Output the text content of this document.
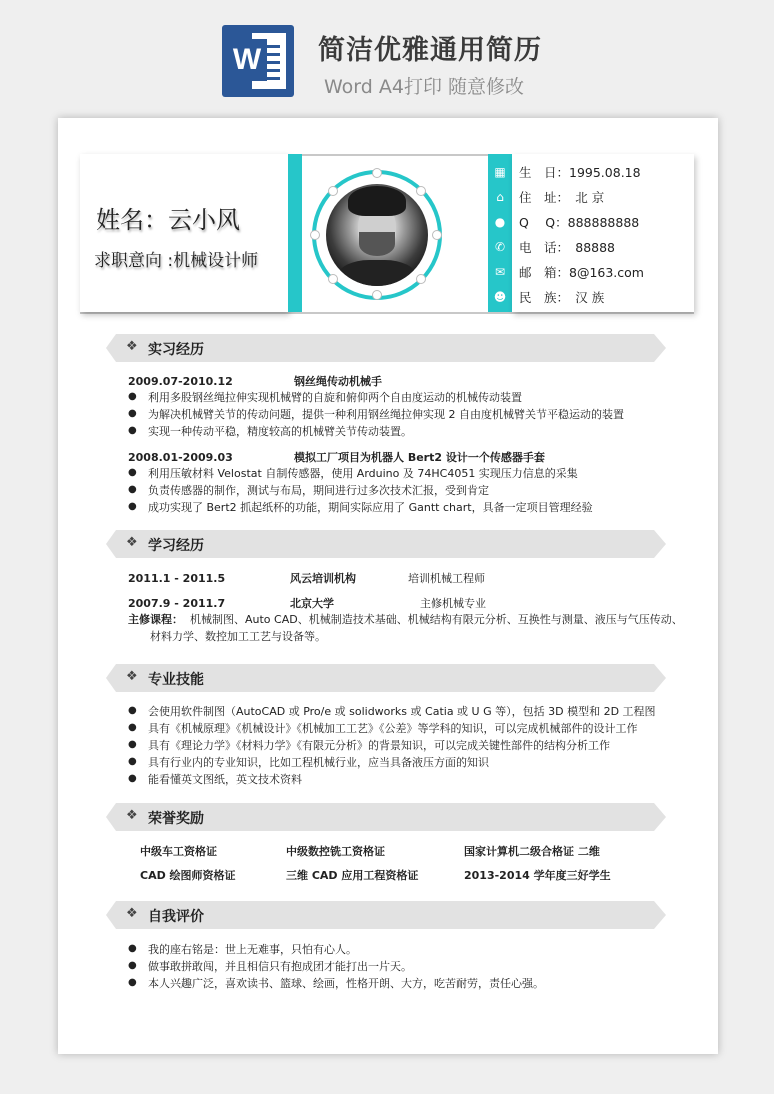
W 简洁优雅通用简历
Word A4打印 随意修改
姓名：云小风
求职意向 :机械设计师
▦
⌂
●
✆
✉
☻
生　日：1995.08.18
住　址：　北 京
Q　 Q：888888888
电　话：　88888
邮　箱：8@163.com
民　族：　汉 族
❖ 实习经历
2009.07-2010.12	钢丝绳传动机械手
● 利用多股钢丝绳拉伸实现机械臂的自旋和俯仰两个自由度运动的机械传动装置
● 为解决机械臂关节的传动问题，提供一种利用钢丝绳拉伸实现 2 自由度机械臂关节平稳运动的装置
● 实现一种传动平稳，精度较高的机械臂关节传动装置。
2008.01-2009.03	模拟工厂项目为机器人 Bert2 设计一个传感器手套
● 利用压敏材料 Velostat 自制传感器，使用 Arduino 及 74HC4051 实现压力信息的采集
● 负责传感器的制作，测试与布局，期间进行过多次技术汇报，受到肯定
● 成功实现了 Bert2 抓起纸杯的功能，期间实际应用了 Gantt chart，具备一定项目管理经验
❖ 学习经历
2011.1 - 2011.5	风云培训机构	培训机械工程师
2007.9 - 2011.7	北京大学	主修机械专业
主修课程： 机械制图、Auto CAD、机械制造技术基础、机械结构有限元分析、互换性与测量、液压与气压传动、
材料力学、数控加工工艺与设备等。
❖ 专业技能
● 会使用软件制图（AutoCAD 或 Pro/e 或 solidworks 或 Catia 或 U G 等），包括 3D 模型和 2D 工程图
● 具有《机械原理》《机械设计》《机械加工工艺》《公差》等学科的知识，可以完成机械部件的设计工作
● 具有《理论力学》《材料力学》《有限元分析》的背景知识，可以完成关键性部件的结构分析工作
● 具有行业内的专业知识，比如工程机械行业，应当具备液压方面的知识
● 能看懂英文图纸，英文技术资料
❖ 荣誉奖励
中级车工资格证	中级数控铣工资格证	国家计算机二级合格证 二维
CAD 绘图师资格证	三维 CAD 应用工程资格证	2013-2014 学年度三好学生
❖ 自我评价
● 我的座右铭是：世上无难事，只怕有心人。
● 做事敢拼敢闯，并且相信只有抱成团才能打出一片天。
● 本人兴趣广泛，喜欢读书、篮球、绘画，性格开朗、大方，吃苦耐劳，责任心强。
